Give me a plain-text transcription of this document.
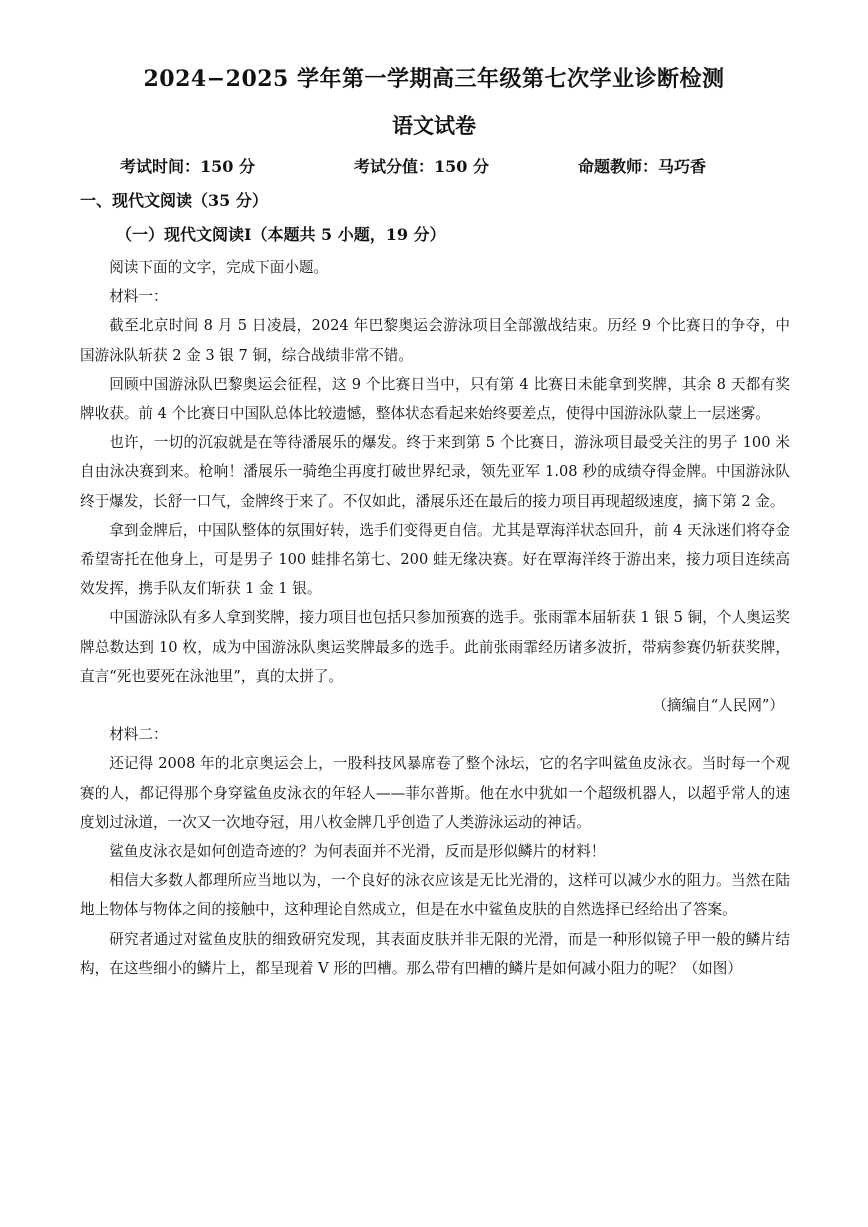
2024−2025 学年第一学期高三年级第七次学业诊断检测
语文试卷
考试时间：150 分	考试分值：150 分	命题教师：马巧香
一、现代文阅读（35 分）
（一）现代文阅读Ⅰ（本题共 5 小题，19 分）

阅读下面的文字，完成下面小题。

材料一：

截至北京时间 8 月 5 日凌晨，2024 年巴黎奥运会游泳项目全部激战结束。历经 9 个比赛日的争夺，中国游泳队斩获 2 金 3 银 7 铜，综合战绩非常不错。

回顾中国游泳队巴黎奥运会征程，这 9 个比赛日当中，只有第 4 比赛日未能拿到奖牌，其余 8 天都有奖牌收获。前 4 个比赛日中国队总体比较遗憾，整体状态看起来始终要差点，使得中国游泳队蒙上一层迷雾。

也许，一切的沉寂就是在等待潘展乐的爆发。终于来到第 5 个比赛日，游泳项目最受关注的男子 100 米自由泳决赛到来。枪响！潘展乐一骑绝尘再度打破世界纪录，领先亚军 1.08 秒的成绩夺得金牌。中国游泳队终于爆发，长舒一口气，金牌终于来了。不仅如此，潘展乐还在最后的接力项目再现超级速度，摘下第 2 金。

拿到金牌后，中国队整体的氛围好转，选手们变得更自信。尤其是覃海洋状态回升，前 4 天泳迷们将夺金希望寄托在他身上，可是男子 100 蛙排名第七、200 蛙无缘决赛。好在覃海洋终于游出来，接力项目连续高效发挥，携手队友们斩获 1 金 1 银。

中国游泳队有多人拿到奖牌，接力项目也包括只参加预赛的选手。张雨霏本届斩获 1 银 5 铜，个人奥运奖牌总数达到 10 枚，成为中国游泳队奥运奖牌最多的选手。此前张雨霏经历诸多波折，带病参赛仍斩获奖牌，直言“死也要死在泳池里”，真的太拼了。

（摘编自“人民网”）

材料二：

还记得 2008 年的北京奥运会上，一股科技风暴席卷了整个泳坛，它的名字叫鲨鱼皮泳衣。当时每一个观赛的人，都记得那个身穿鲨鱼皮泳衣的年轻人——菲尔普斯。他在水中犹如一个超级机器人，以超乎常人的速度划过泳道，一次又一次地夺冠，用八枚金牌几乎创造了人类游泳运动的神话。

鲨鱼皮泳衣是如何创造奇迹的？为何表面并不光滑，反而是形似鳞片的材料！

相信大多数人都理所应当地以为，一个良好的泳衣应该是无比光滑的，这样可以减少水的阻力。当然在陆地上物体与物体之间的接触中，这种理论自然成立，但是在水中鲨鱼皮肤的自然选择已经给出了答案。

研究者通过对鲨鱼皮肤的细致研究发现，其表面皮肤并非无限的光滑，而是一种形似镜子甲一般的鳞片结构，在这些细小的鳞片上，都呈现着 V 形的凹槽。那么带有凹槽的鳞片是如何减小阻力的呢？（如图）
